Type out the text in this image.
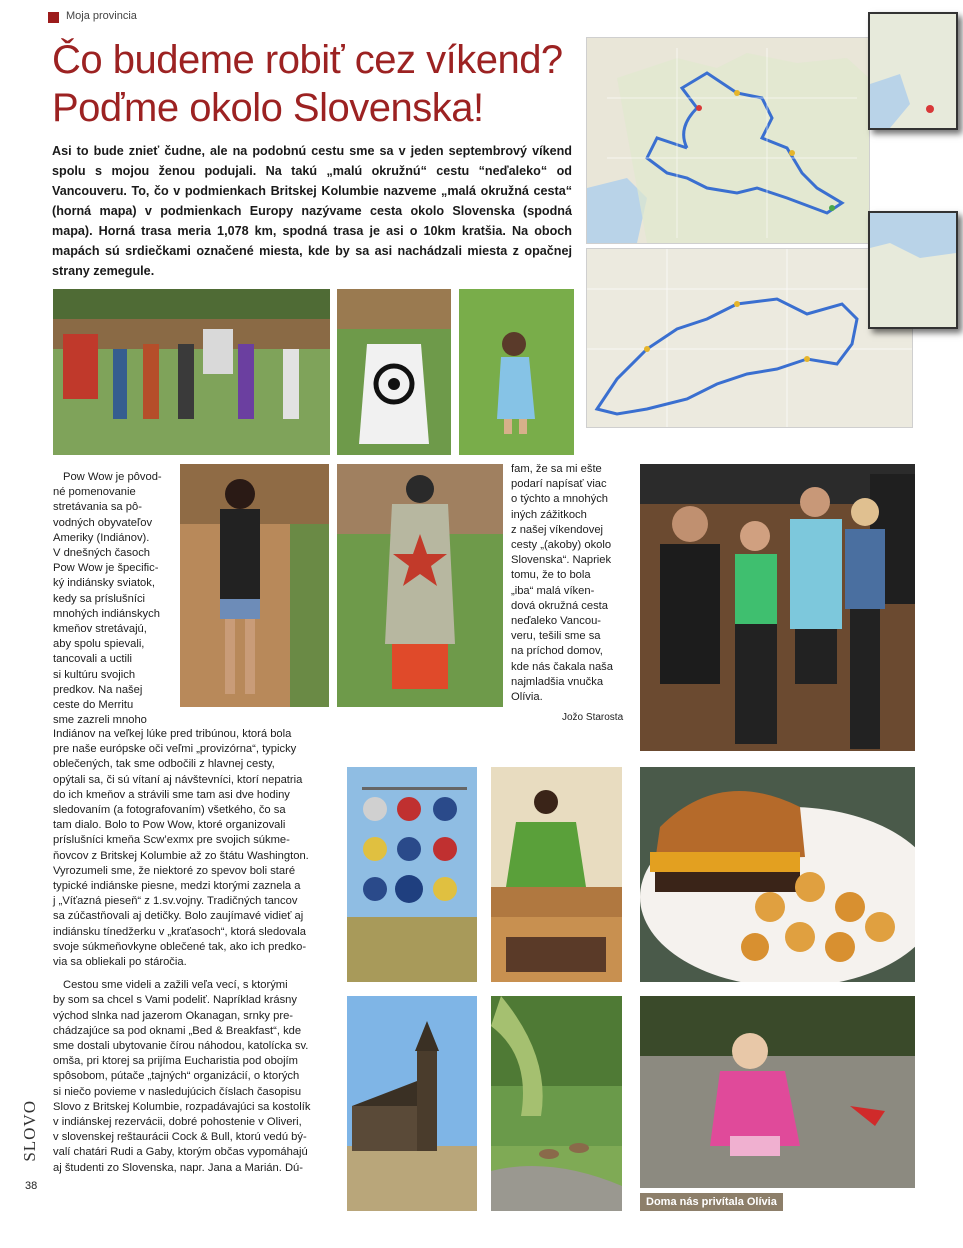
Moja provincia
Čo budeme robiť cez víkend?
Poďme okolo Slovenska!

Asi to bude znieť čudne, ale na podobnú cestu sme sa v jeden septembrový víkend spolu s mojou ženou podujali. Na takú „malú okružnú“ cestu “neďaleko“ od Vancouveru. To, čo v podmienkach Britskej Kolumbie nazveme „malá okružná cesta“ (horná mapa) v podmienkach Europy nazývame cesta okolo Slovenska (spodná mapa). Horná trasa meria 1,078 km, spodná trasa je asi o 10km kratšia. Na oboch mapách sú srdiečkami označené miesta, kde by sa asi nachádzali miesta z opačnej strany zemegule.

Pow Wow je pôvod-
né pomenovanie
stretávania sa pô-
vodných obyvateľov
Ameriky (Indiánov).
V dnešných časoch
Pow Wow je špecific-
ký indiánsky sviatok,
kedy sa príslušníci
mnohých indiánskych
kmeňov stretávajú,
aby spolu spievali,
tancovali a uctili
si kultúru svojich
predkov. Na našej
ceste do Merritu
sme zazreli mnoho
fam, že sa mi ešte
podarí napísať viac
o týchto a mnohých
iných zážitkoch
z našej víkendovej
cesty „(akoby) okolo
Slovenska“. Napriek
tomu, že to bola
„iba“ malá víken-
dová okružná cesta
neďaleko Vancou-
veru, tešili sme sa
na príchod domov,
kde nás čakala naša
najmladšia vnučka
Olívia.
Jožo Starosta
Indiánov na veľkej lúke pred tribúnou, ktorá bola
pre naše európske oči veľmi „provizórna“, typicky
oblečených, tak sme odbočili z hlavnej cesty,
opýtali sa, či sú vítaní aj návštevníci, ktorí nepatria
do ich kmeňov a strávili sme tam asi dve hodiny
sledovaním (a fotografovaním) všetkého, čo sa
tam dialo. Bolo to Pow Wow, ktoré organizovali
príslušníci kmeňa Scw’exmx pre svojich súkme-
ňovcov z Britskej Kolumbie až zo štátu Washington.
Vyrozumeli sme, že niektoré zo spevov boli staré
typické indiánske piesne, medzi ktorými zaznela a
j „Víťazná pieseň“ z 1.sv.vojny. Tradičných tancov
sa zúčastňovali aj detičky. Bolo zaujímavé vidieť aj
indiánsku tínedžerku v „kraťasoch“, ktorá sledovala
svoje súkmeňovkyne oblečené tak, ako ich predko-
via sa obliekali po stáročia.
Cestou sme videli a zažili veľa vecí, s ktorými
by som sa chcel s Vami podeliť. Napríklad krásny
východ slnka nad jazerom Okanagan, srnky pre-
chádzajúce sa pod oknami „Bed & Breakfast“, kde
sme dostali ubytovanie čírou náhodou, katolícka sv.
omša, pri ktorej sa prijíma Eucharistia pod obojím
spôsobom, pútače „tajných“ organizácií, o ktorých
si niečo povieme v nasledujúcich číslach časopisu
Slovo z Britskej Kolumbie, rozpadávajúci sa kostolík
v indiánskej rezervácii, dobré pohostenie v Oliveri,
v slovenskej reštaurácii Cock & Bull, ktorú vedú bý-
valí chatári Rudi a Gaby, ktorým občas vypomáhajú
aj študenti zo Slovenska, napr. Jana a Marián. Dú-
Doma nás privítala Olívia
SLOVO
38
